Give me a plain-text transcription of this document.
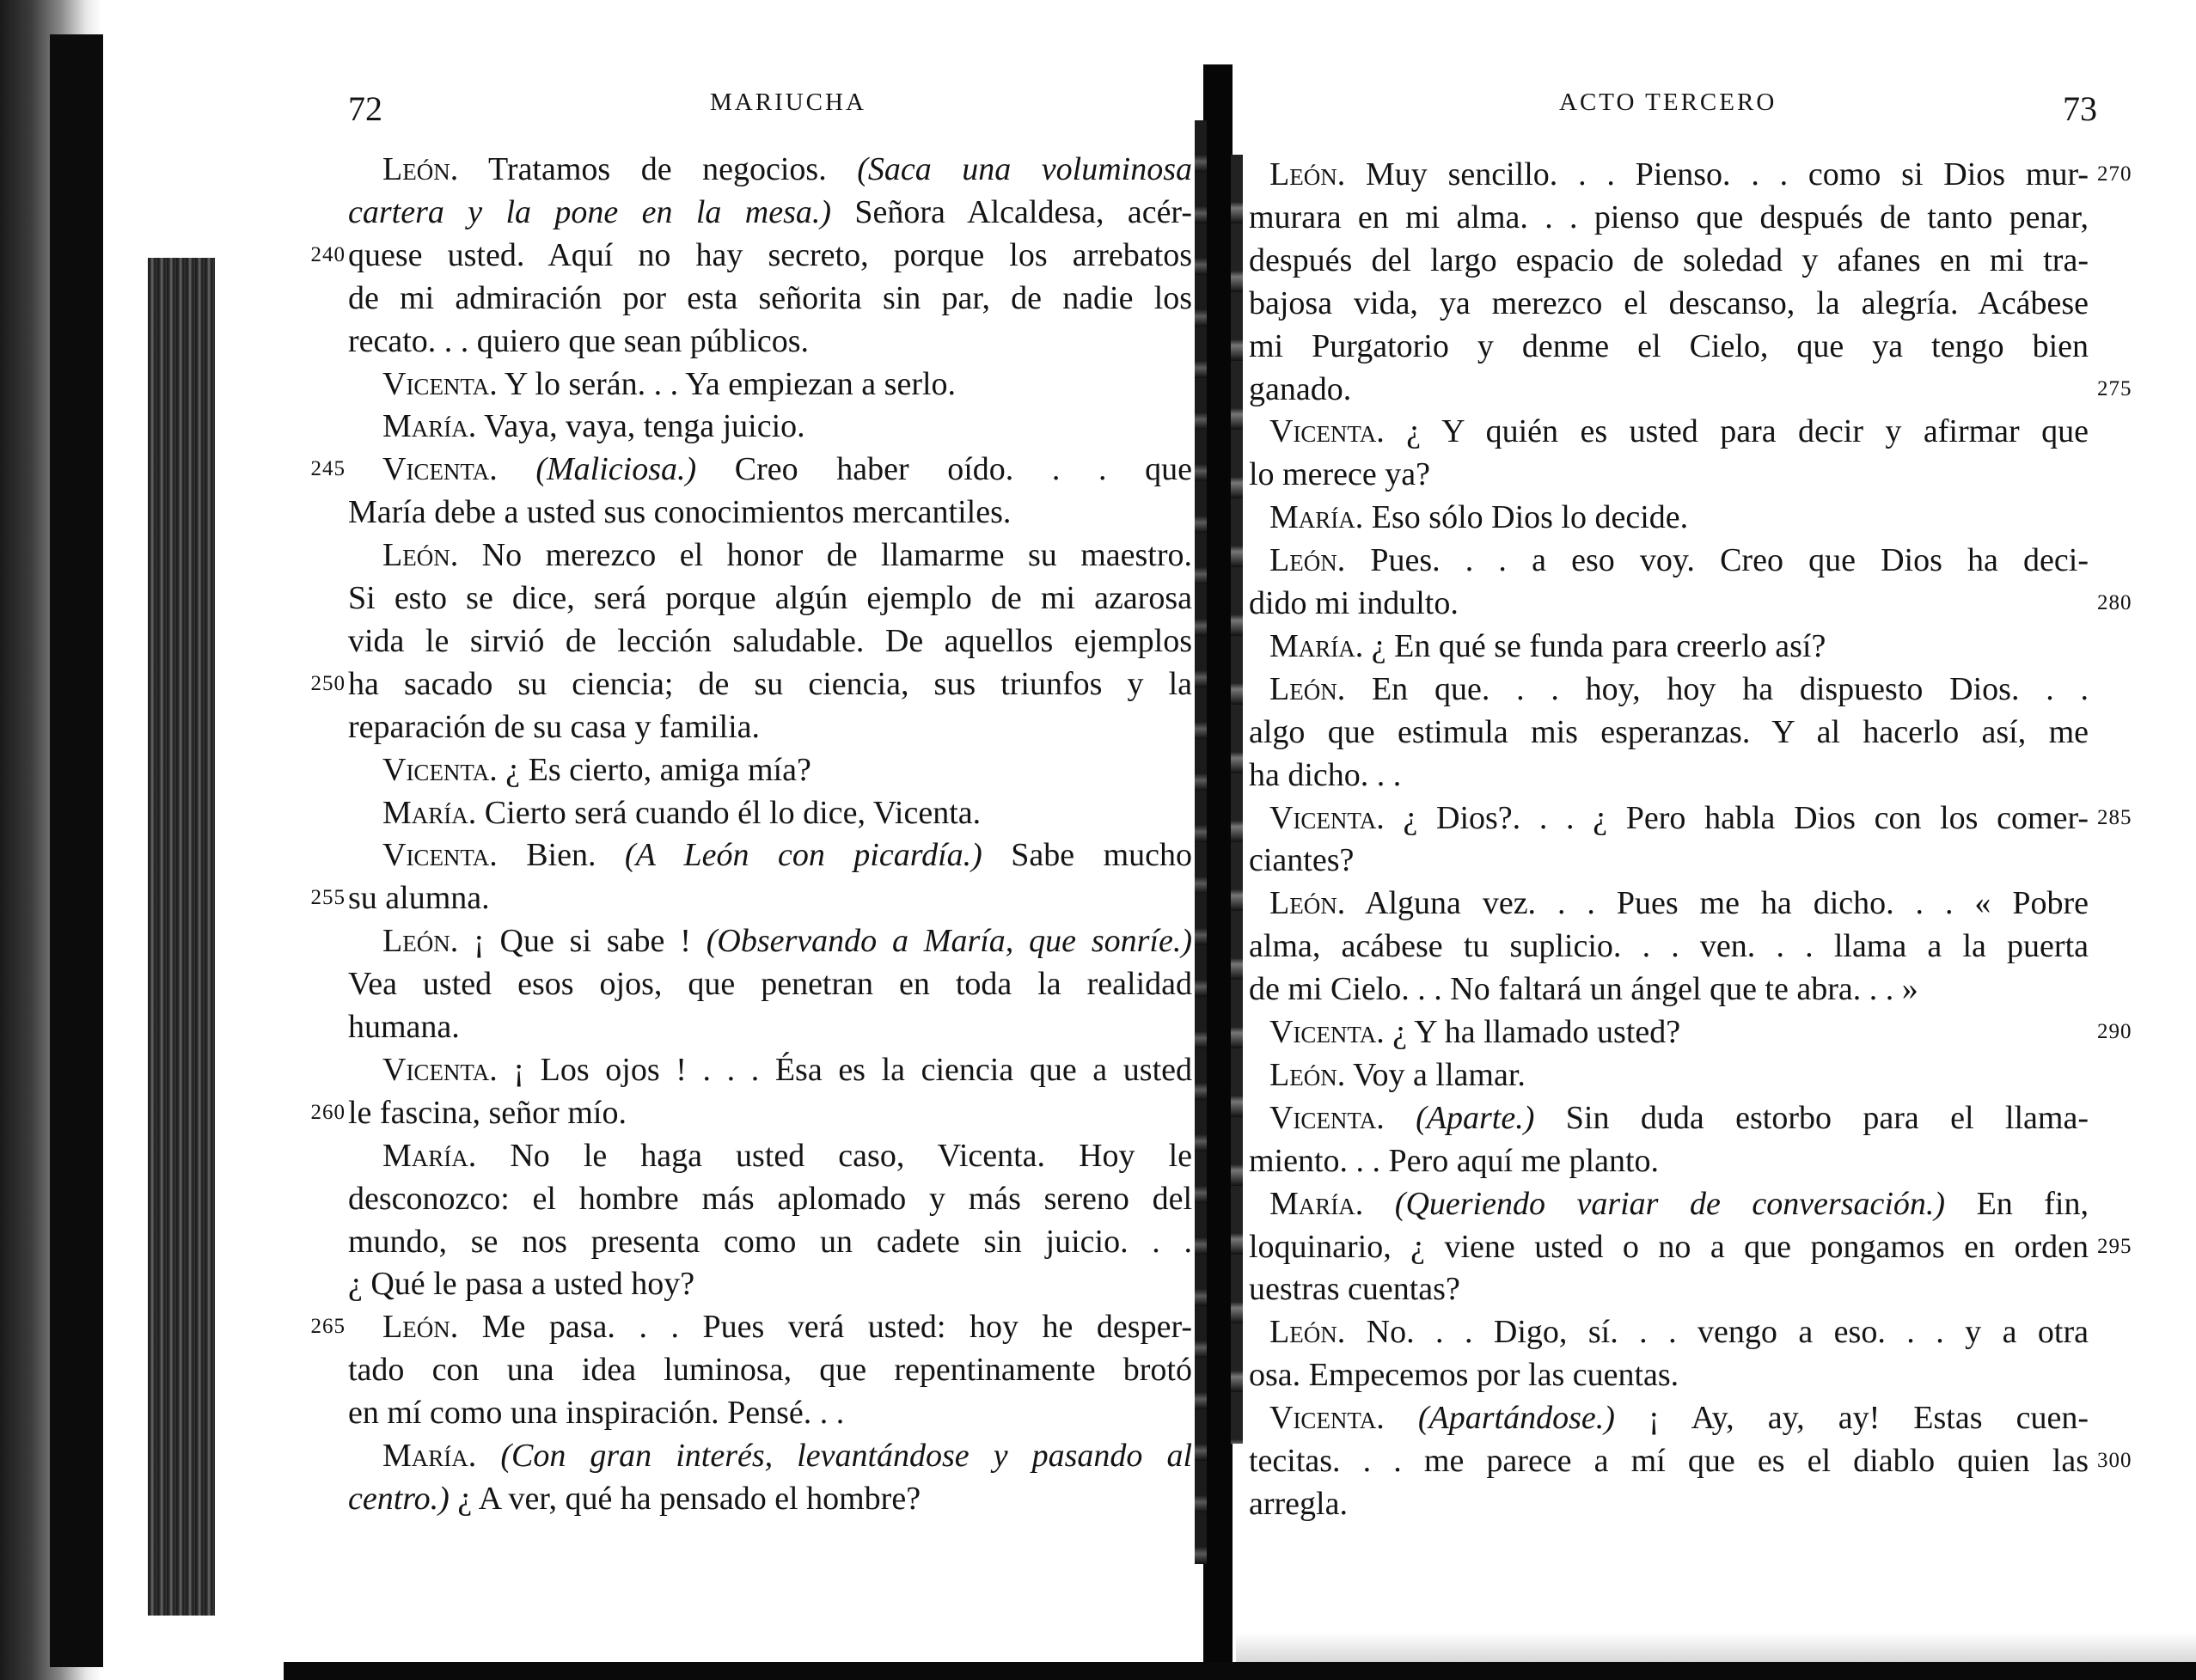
72	MARIUCHA	ACTO TERCERO	73
León. Tratamos de negocios. (Saca una voluminosa
cartera y la pone en la mesa.) Señora Alcaldesa, acér-
quese usted. Aquí no hay secreto, porque los arrebatos
240
de mi admiración por esta señorita sin par, de nadie los
recato. . . quiero que sean públicos.
Vicenta. Y lo serán. . . Ya empiezan a serlo.
María. Vaya, vaya, tenga juicio.
Vicenta. (Maliciosa.) Creo haber oído. . . que
245
María debe a usted sus conocimientos mercantiles.
León. No merezco el honor de llamarme su maestro.
Si esto se dice, será porque algún ejemplo de mi azarosa
vida le sirvió de lección saludable. De aquellos ejemplos
ha sacado su ciencia; de su ciencia, sus triunfos y la
250
reparación de su casa y familia.
Vicenta. ¿ Es cierto, amiga mía?
María. Cierto será cuando él lo dice, Vicenta.
Vicenta. Bien. (A León con picardía.) Sabe mucho
su alumna.
255
León. ¡ Que si sabe ! (Observando a María, que sonríe.)
Vea usted esos ojos, que penetran en toda la realidad
humana.
Vicenta. ¡ Los ojos ! . . . Ésa es la ciencia que a usted
le fascina, señor mío.
260
María. No le haga usted caso, Vicenta. Hoy le
desconozco: el hombre más aplomado y más sereno del
mundo, se nos presenta como un cadete sin juicio. . .
¿ Qué le pasa a usted hoy?
León. Me pasa. . . Pues verá usted: hoy he desper-
265
tado con una idea luminosa, que repentinamente brotó
en mí como una inspiración. Pensé. . .
María. (Con gran interés, levantándose y pasando al
centro.) ¿ A ver, qué ha pensado el hombre?
León. Muy sencillo. . . Pienso. . . como si Dios mur- 270
murara en mi alma. . . pienso que después de tanto penar,
después del largo espacio de soledad y afanes en mi tra-
bajosa vida, ya merezco el descanso, la alegría. Acábese
mi Purgatorio y denme el Cielo, que ya tengo bien
ganado.	275
Vicenta. ¿ Y quién es usted para decir y afirmar que
lo merece ya?
María. Eso sólo Dios lo decide.
León. Pues. . . a eso voy. Creo que Dios ha deci-
dido mi indulto.	280
María. ¿ En qué se funda para creerlo así?
León. En que. . . hoy, hoy ha dispuesto Dios. . .
algo que estimula mis esperanzas. Y al hacerlo así, me
ha dicho. . .
Vicenta. ¿ Dios?. . . ¿ Pero habla Dios con los comer- 285
ciantes?
León. Alguna vez. . . Pues me ha dicho. . . « Pobre
alma, acábese tu suplicio. . . ven. . . llama a la puerta
de mi Cielo. . . No faltará un ángel que te abra. . . »
Vicenta. ¿ Y ha llamado usted?	290
León. Voy a llamar.
Vicenta. (Aparte.) Sin duda estorbo para el llama-
miento. . . Pero aquí me planto.
María. (Queriendo variar de conversación.) En fin,
loquinario, ¿ viene usted o no a que pongamos en orden 295
uestras cuentas?
León. No. . . Digo, sí. . . vengo a eso. . . y a otra
osa. Empecemos por las cuentas.
Vicenta. (Apartándose.) ¡ Ay, ay, ay! Estas cuen-
tecitas. . . me parece a mí que es el diablo quien las 300
arregla.
